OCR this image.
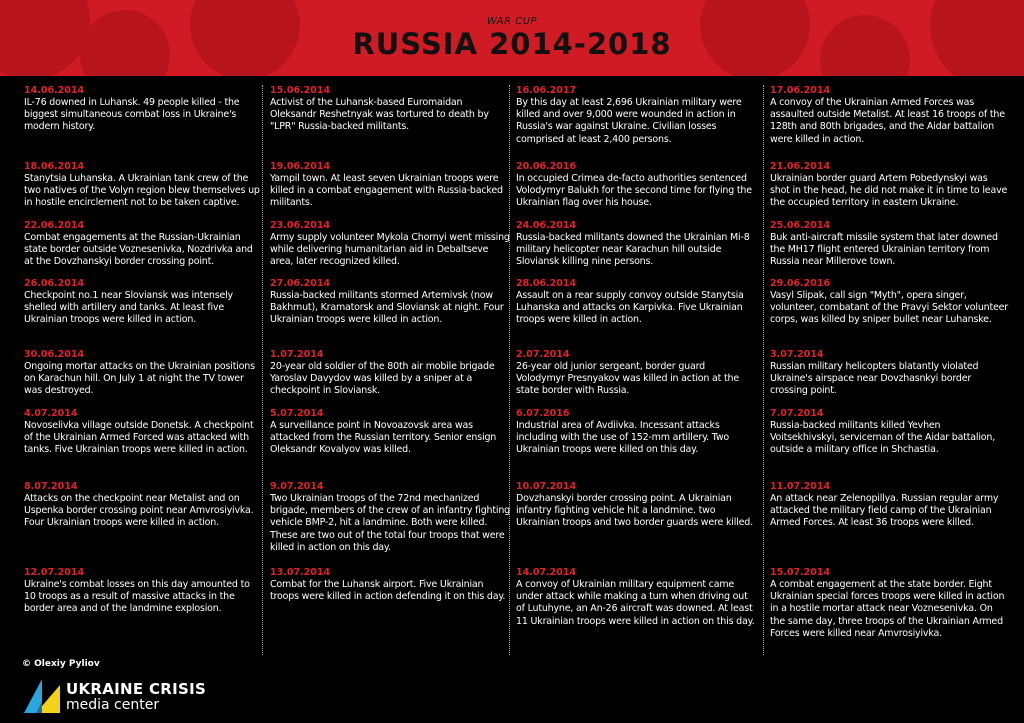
WAR CUP
RUSSIA 2014-2018
14.06.2014
IL-76 downed in Luhansk. 49 people killed - the biggest simultaneous combat loss in Ukraine's modern history.
18.06.2014
Stanytsia Luhanska. A Ukrainian tank crew of the two natives of the Volyn region blew themselves up in hostile encirclement not to be taken captive.
22.06.2014
Combat engagements at the Russian-Ukrainian state border outside Voznesenivka, Nozdrivka and at the Dovzhanskyi border crossing point.
26.06.2014
Checkpoint no.1 near Sloviansk was intensely shelled with artillery and tanks. At least five Ukrainian troops were killed in action.
30.06.2014
Ongoing mortar attacks on the Ukrainian positions on Karachun hill. On July 1 at night the TV tower was destroyed.
4.07.2014
Novoselivka village outside Donetsk. A checkpoint of the Ukrainian Armed Forced was attacked with tanks. Five Ukrainian troops were killed in action.
8.07.2014
Attacks on the checkpoint near Metalist and on Uspenka border crossing point near Amvrosiyivka. Four Ukrainian troops were killed in action.
12.07.2014
Ukraine's combat losses on this day amounted to 10 troops as a result of massive attacks in the border area and of the landmine explosion.
15.06.2014
Activist of the Luhansk-based Euromaidan Oleksandr Reshetnyak was tortured to death by "LPR" Russia-backed militants.
19.06.2014
Yampil town. At least seven Ukrainian troops were killed in a combat engagement with Russia-backed militants.
23.06.2014
Army supply volunteer Mykola Chornyi went missing while delivering humanitarian aid in Debaltseve area, later recognized killed.
27.06.2014
Russia-backed militants stormed Artemivsk (now Bakhmut), Kramatorsk and Sloviansk at night. Four Ukrainian troops were killed in action.
1.07.2014
20-year old soldier of the 80th air mobile brigade Yaroslav Davydov was killed by a sniper at a checkpoint in Sloviansk.
5.07.2014
A surveillance point in Novoazovsk area was attacked from the Russian territory. Senior ensign Oleksandr Kovalyov was killed.
9.07.2014
Two Ukrainian troops of the 72nd mechanized brigade, members of the crew of an infantry fighting vehicle BMP-2, hit a landmine. Both were killed. These are two out of the total four troops that were killed in action on this day.
13.07.2014
Combat for the Luhansk airport. Five Ukrainian troops were killed in action defending it on this day.
16.06.2017
By this day at least 2,696 Ukrainian military were killed and over 9,000 were wounded in action in Russia's war against Ukraine. Civilian losses comprised at least 2,400 persons.
20.06.2016
In occupied Crimea de-facto authorities sentenced Volodymyr Balukh for the second time for flying the Ukrainian flag over his house.
24.06.2014
Russia-backed militants downed the Ukrainian Mi-8 military helicopter near Karachun hill outside Sloviansk killing nine persons.
28.06.2014
Assault on a rear supply convoy outside Stanytsia Luhanska and attacks on Karpivka. Five Ukrainian troops were killed in action.
2.07.2014
26-year old junior sergeant, border guard Volodymyr Presnyakov was killed in action at the state border with Russia.
6.07.2016
Industrial area of Avdiivka. Incessant attacks including with the use of 152-mm artillery. Two Ukrainian troops were killed on this day.
10.07.2014
Dovzhanskyi border crossing point. A Ukrainian infantry fighting vehicle hit a landmine. two Ukrainian troops and two border guards were killed.
14.07.2014
A convoy of Ukrainian military equipment came under attack while making a turn when driving out of Lutuhyne, an An-26 aircraft was downed. At least 11 Ukrainian troops were killed in action on this day.
17.06.2014
A convoy of the Ukrainian Armed Forces was assaulted outside Metalist. At least 16 troops of the 128th and 80th brigades, and the Aidar battalion were killed in action.
21.06.2014
Ukrainian border guard Artem Pobedynskyi was shot in the head, he did not make it in time to leave the occupied territory in eastern Ukraine.
25.06.2014
Buk anti-aircraft missile system that later downed the MH17 flight entered Ukrainian territory from Russia near Millerove town.
29.06.2016
Vasyl Slipak, call sign "Myth", opera singer, volunteer, combatant of the Pravyi Sektor volunteer corps, was killed by sniper bullet near Luhanske.
3.07.2014
Russian military helicopters blatantly violated Ukraine's airspace near Dovzhasnkyi border crossing point.
7.07.2014
Russia-backed militants killed Yevhen Voitsekhivskyi, serviceman of the Aidar battalion, outside a military office in Shchastia.
11.07.2014
An attack near Zelenopillya. Russian regular army attacked the military field camp of the Ukrainian Armed Forces. At least 36 troops were killed.
15.07.2014
A combat engagement at the state border. Eight Ukrainian special forces troops were killed in action in a hostile mortar attack near Voznesenivka. On the same day, three troops of the Ukrainian Armed Forces were killed near Amvrosiyivka.
© Olexiy Pyliov
UKRAINE CRISIS
media center
